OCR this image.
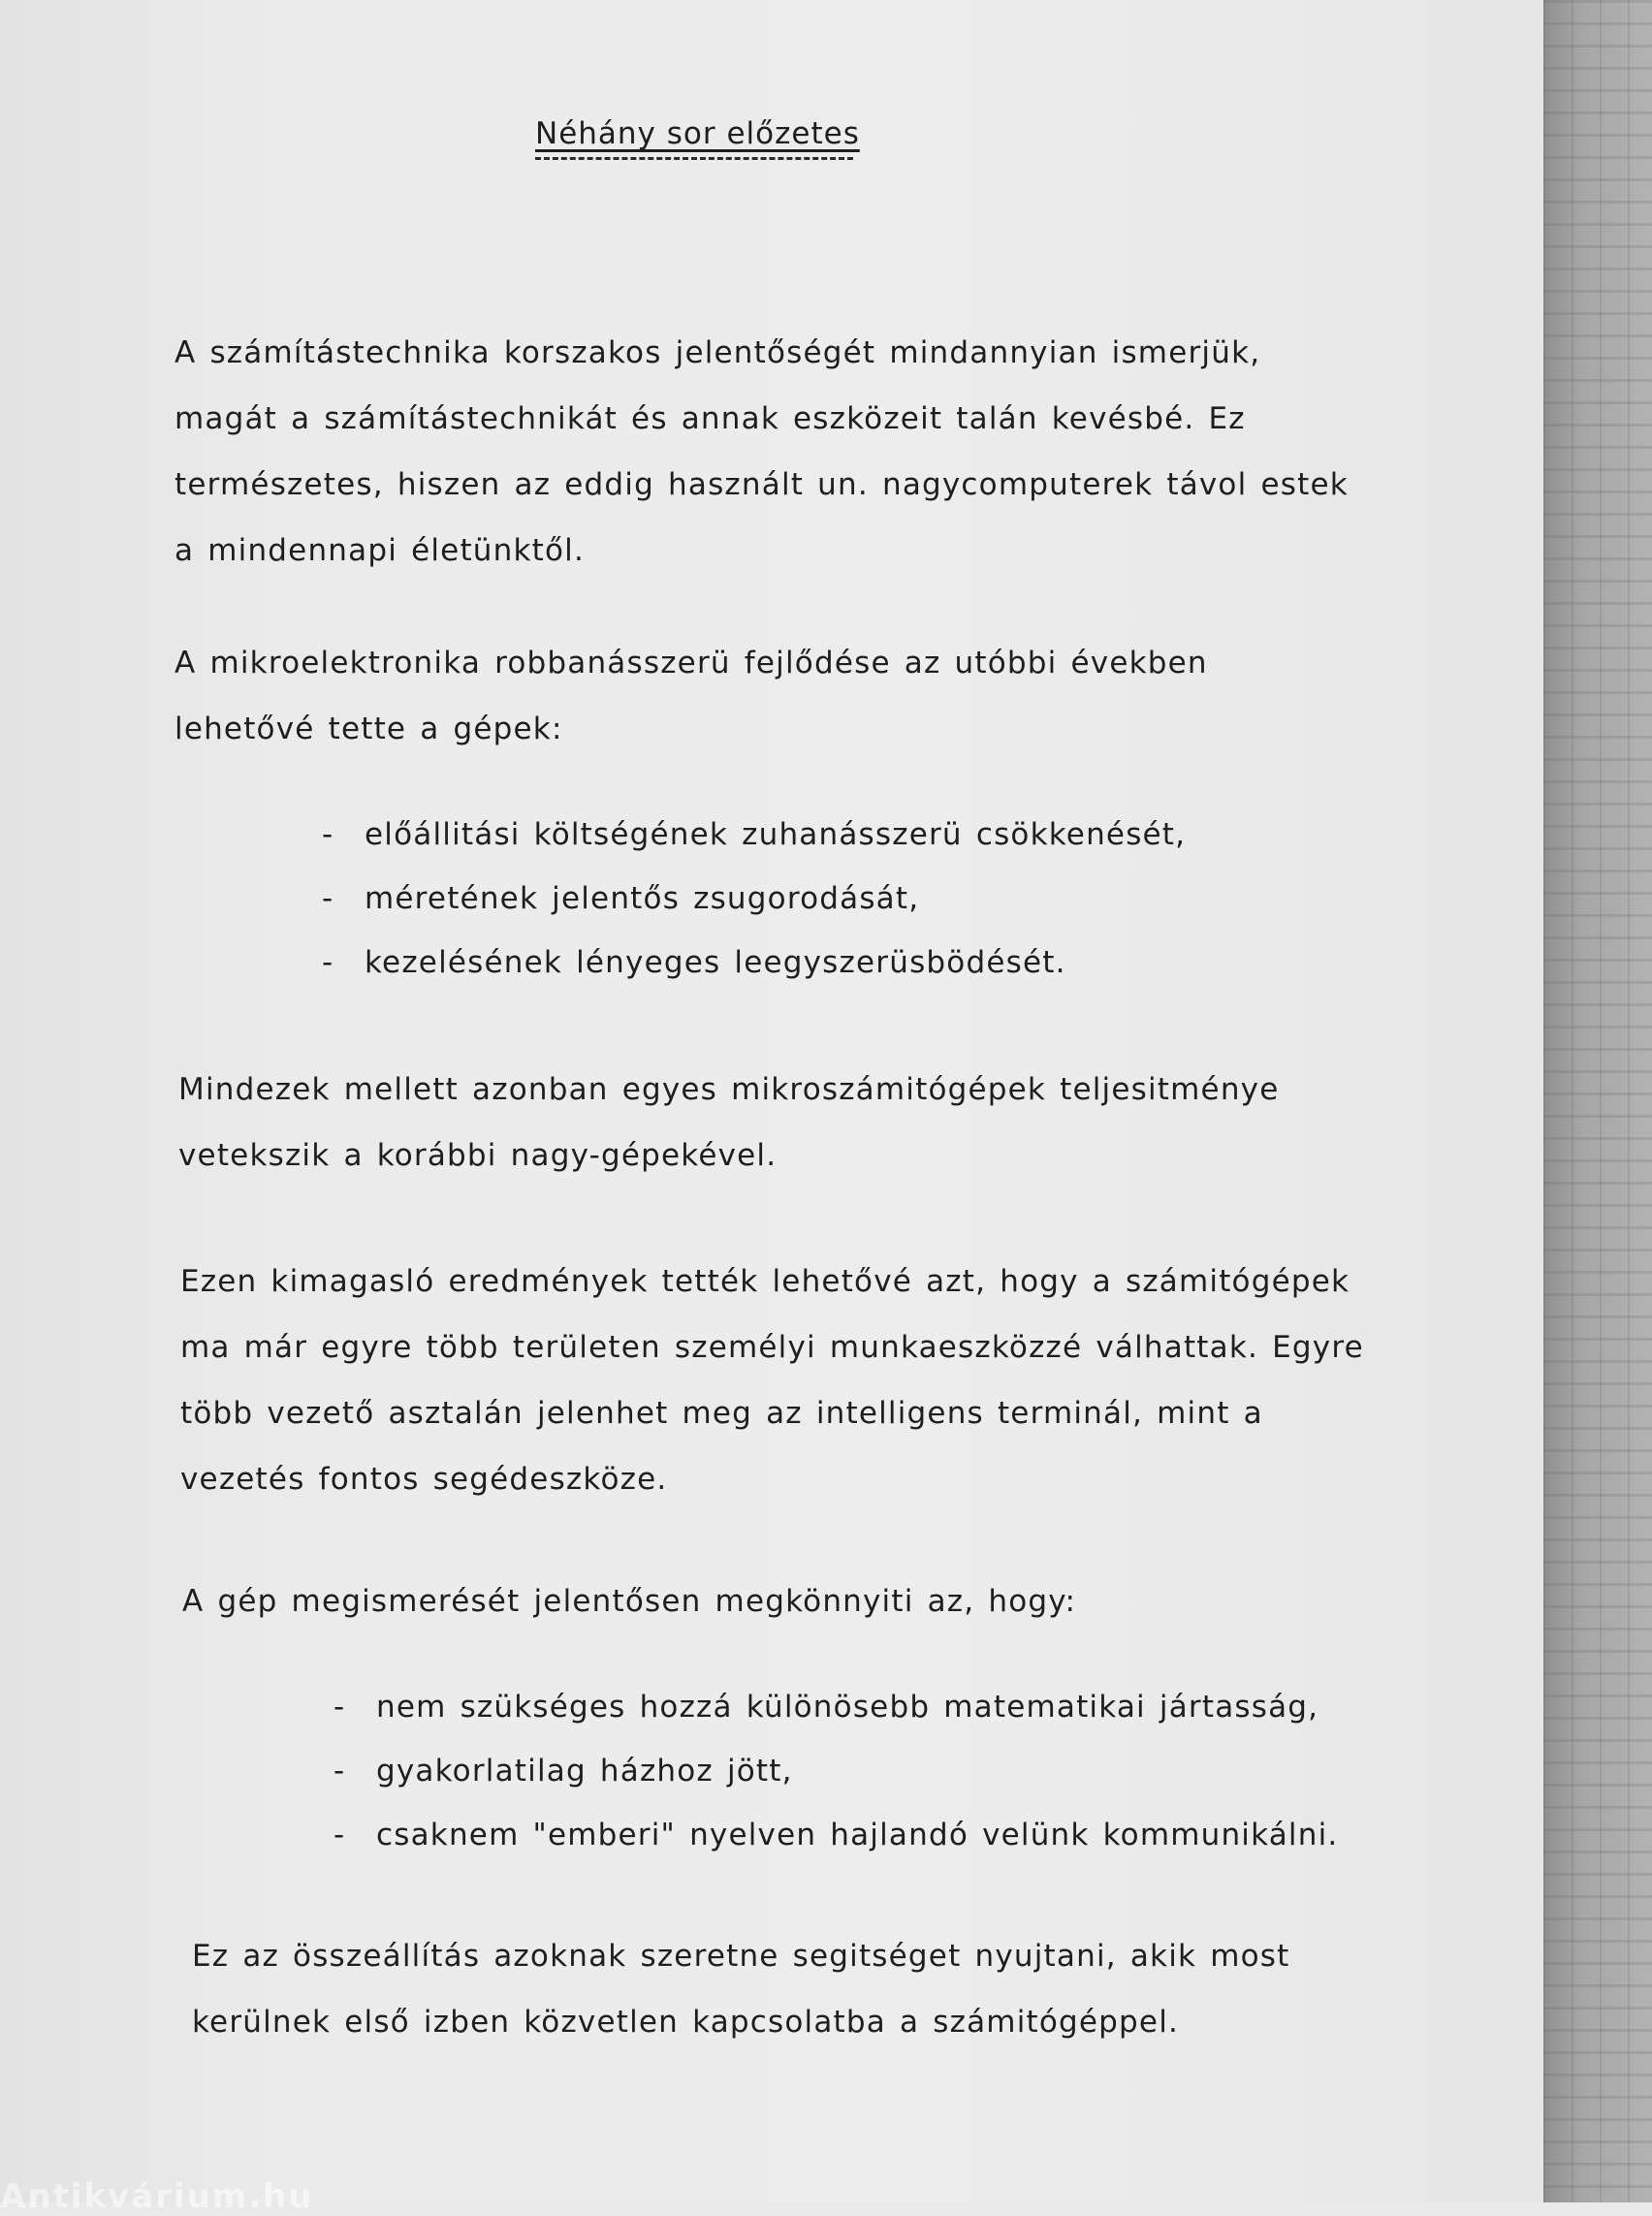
Néhány sor előzetes

A számítástechnika korszakos jelentőségét mindannyian ismerjük, magát a számítástechnikát és annak eszközeit talán kevésbé. Ez természetes, hiszen az eddig használt un. nagycomputerek távol estek a mindennapi életünktől.

A mikroelektronika robbanásszerü fejlődése az utóbbi években lehetővé tette a gépek:

-	előállitási költségének zuhanásszerü csökkenését,
-	méretének jelentős zsugorodását,
-	kezelésének lényeges leegyszerüsbödését.

Mindezek mellett azonban egyes mikroszámitógépek teljesitménye vetekszik a korábbi nagy-gépekével.

Ezen kimagasló eredmények tették lehetővé azt, hogy a számitógépek ma már egyre több területen személyi munkaeszközzé válhattak. Egyre több vezető asztalán jelenhet meg az intelligens terminál, mint a vezetés fontos segédeszköze.

A gép megismerését jelentősen megkönnyiti az, hogy:

-	nem szükséges hozzá különösebb matematikai jártasság,
-	gyakorlatilag házhoz jött,
-	csaknem "emberi" nyelven hajlandó velünk kommunikálni.

Ez az összeállítás azoknak szeretne segitséget nyujtani, akik most kerülnek első izben közvetlen kapcsolatba a számitógéppel.

Antikvárium.hu
